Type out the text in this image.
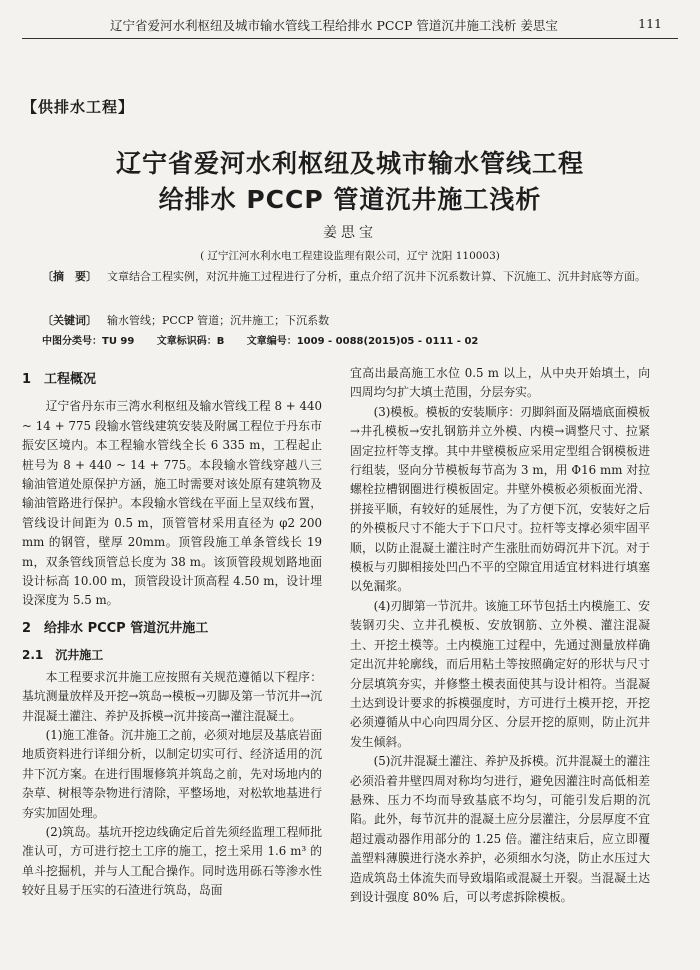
辽宁省爱河水利枢纽及城市输水管线工程给排水 PCCP 管道沉井施工浅析 姜思宝	111
【供排水工程】
辽宁省爱河水利枢纽及城市输水管线工程
给排水 PCCP 管道沉井施工浅析
姜思宝
( 辽宁江河水利水电工程建设监理有限公司，辽宁 沈阳 110003)
〔摘　要〕 文章结合工程实例，对沉井施工过程进行了分析，重点介绍了沉井下沉系数计算、下沉施工、沉井封底等方面。
〔关键词〕 输水管线；PCCP 管道；沉井施工；下沉系数
中图分类号：TU 99   文章标识码：B   文章编号：1009 - 0088(2015)05 - 0111 - 02
1　工程概况

辽宁省丹东市三湾水利枢纽及输水管线工程 8 + 440 ~ 14 + 775 段输水管线建筑安装及附属工程位于丹东市振安区境内。本工程输水管线全长 6 335 m，工程起止桩号为 8 + 440 ~ 14 + 775。本段输水管线穿越八三输油管道处原保护方涵，施工时需要对该处原有建筑物及输油管路进行保护。本段输水管线在平面上呈双线布置，管线设计间距为 0.5 m，顶管管材采用直径为 φ2 200 mm 的钢管，壁厚 20mm。顶管段施工单条管线长 19 m，双条管线顶管总长度为 38 m。该顶管段规划路地面设计标高 10.00 m，顶管段设计顶高程 4.50 m，设计埋设深度为 5.5 m。

2　给排水 PCCP 管道沉井施工
2.1　沉井施工

本工程要求沉井施工应按照有关规范遵循以下程序：基坑测量放样及开挖→筑岛→模板→刃脚及第一节沉井→沉井混凝土灌注、养护及拆模→沉井接高→灌注混凝土。

(1)施工准备。沉井施工之前，必须对地层及基底岩面地质资料进行详细分析，以制定切实可行、经济适用的沉井下沉方案。在进行围堰修筑并筑岛之前，先对场地内的杂草、树根等杂物进行清除，平整场地，对松软地基进行夯实加固处理。

(2)筑岛。基坑开挖边线确定后首先须经监理工程师批准认可，方可进行挖土工序的施工，挖土采用 1.6 m³ 的单斗挖掘机，并与人工配合操作。同时选用砾石等渗水性较好且易于压实的石渣进行筑岛，岛面

宜高出最高施工水位 0.5 m 以上，从中央开始填土，向四周均匀扩大填土范围，分层夯实。

(3)模板。模板的安装顺序：刃脚斜面及隔墙底面模板→井孔模板→安扎钢筋并立外模、内模→调整尺寸、拉紧固定拉杆等支撑。其中井壁模板应采用定型组合钢模板进行组装，竖向分节模板每节高为 3 m，用 Φ16 mm 对拉螺栓拉槽钢圈进行模板固定。井壁外模板必须板面光滑、拼接平顺，有较好的延展性，为了方便下沉，安装好之后的外模板尺寸不能大于下口尺寸。拉杆等支撑必须牢固平顺，以防止混凝土灌注时产生涨肚而妨碍沉井下沉。对于模板与刃脚相接处凹凸不平的空隙宜用适宜材料进行填塞以免漏浆。

(4)刃脚第一节沉井。该施工环节包括土内模施工、安装钢刃尖、立井孔模板、安放钢筋、立外模、灌注混凝土、开挖土模等。土内模施工过程中，先通过测量放样确定出沉井轮廓线，而后用粘土等按照确定好的形状与尺寸分层填筑夯实，并修整土模表面使其与设计相符。当混凝土达到设计要求的拆模强度时，方可进行土模开挖，开挖必须遵循从中心向四周分区、分层开挖的原则，防止沉井发生倾斜。

(5)沉井混凝土灌注、养护及拆模。沉井混凝土的灌注必须沿着井壁四周对称均匀进行，避免因灌注时高低相差悬殊、压力不均而导致基底不均匀，可能引发后期的沉陷。此外，每节沉井的混凝土应分层灌注，分层厚度不宜超过震动器作用部分的 1.25 倍。灌注结束后，应立即覆盖塑料薄膜进行浇水养护，必须细水匀浇，防止水压过大造成筑岛土体流失而导致塌陷或混凝土开裂。当混凝土达到设计强度 80% 后，可以考虑拆除模板。
